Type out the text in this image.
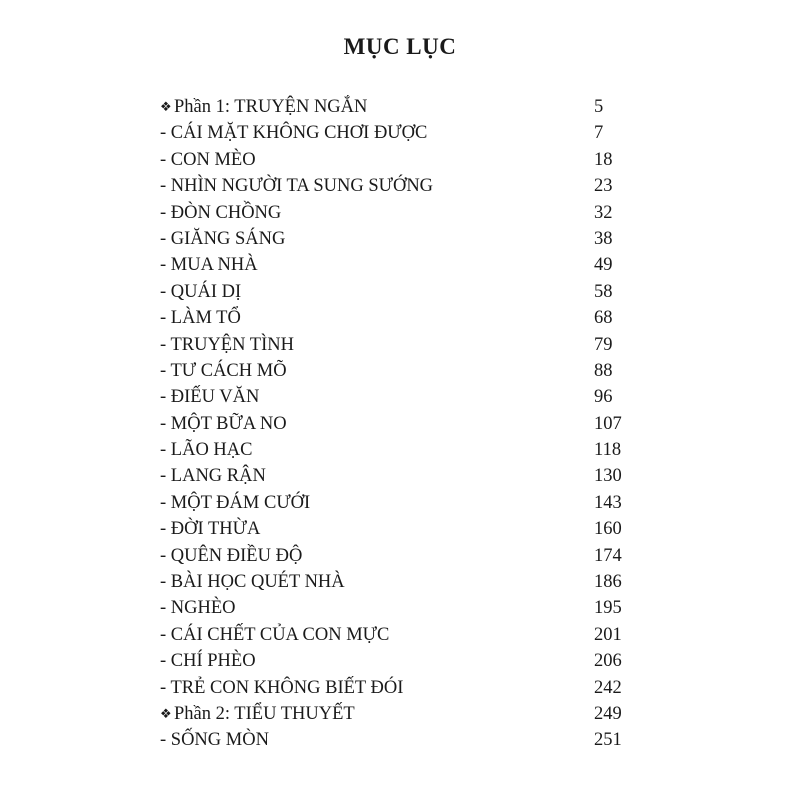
MỤC LỤC
❖ Phần 1: TRUYỆN NGẮN	5
- CÁI MẶT KHÔNG CHƠI ĐƯỢC	7
- CON MÈO	18
- NHÌN NGƯỜI TA SUNG SƯỚNG	23
- ĐÒN CHỒNG	32
- GIĂNG SÁNG	38
- MUA NHÀ	49
- QUÁI DỊ	58
- LÀM TỔ	68
- TRUYỆN TÌNH	79
- TƯ CÁCH MÕ	88
- ĐIẾU VĂN	96
- MỘT BỮA NO	107
- LÃO HẠC	118
- LANG RẬN	130
- MỘT ĐÁM CƯỚI	143
- ĐỜI THỪA	160
- QUÊN ĐIỀU ĐỘ	174
- BÀI HỌC QUÉT NHÀ	186
- NGHÈO	195
- CÁI CHẾT CỦA CON MỰC	201
- CHÍ PHÈO	206
- TRẺ CON KHÔNG BIẾT ĐÓI	242
❖ Phần 2: TIỂU THUYẾT	249
- SỐNG MÒN	251
